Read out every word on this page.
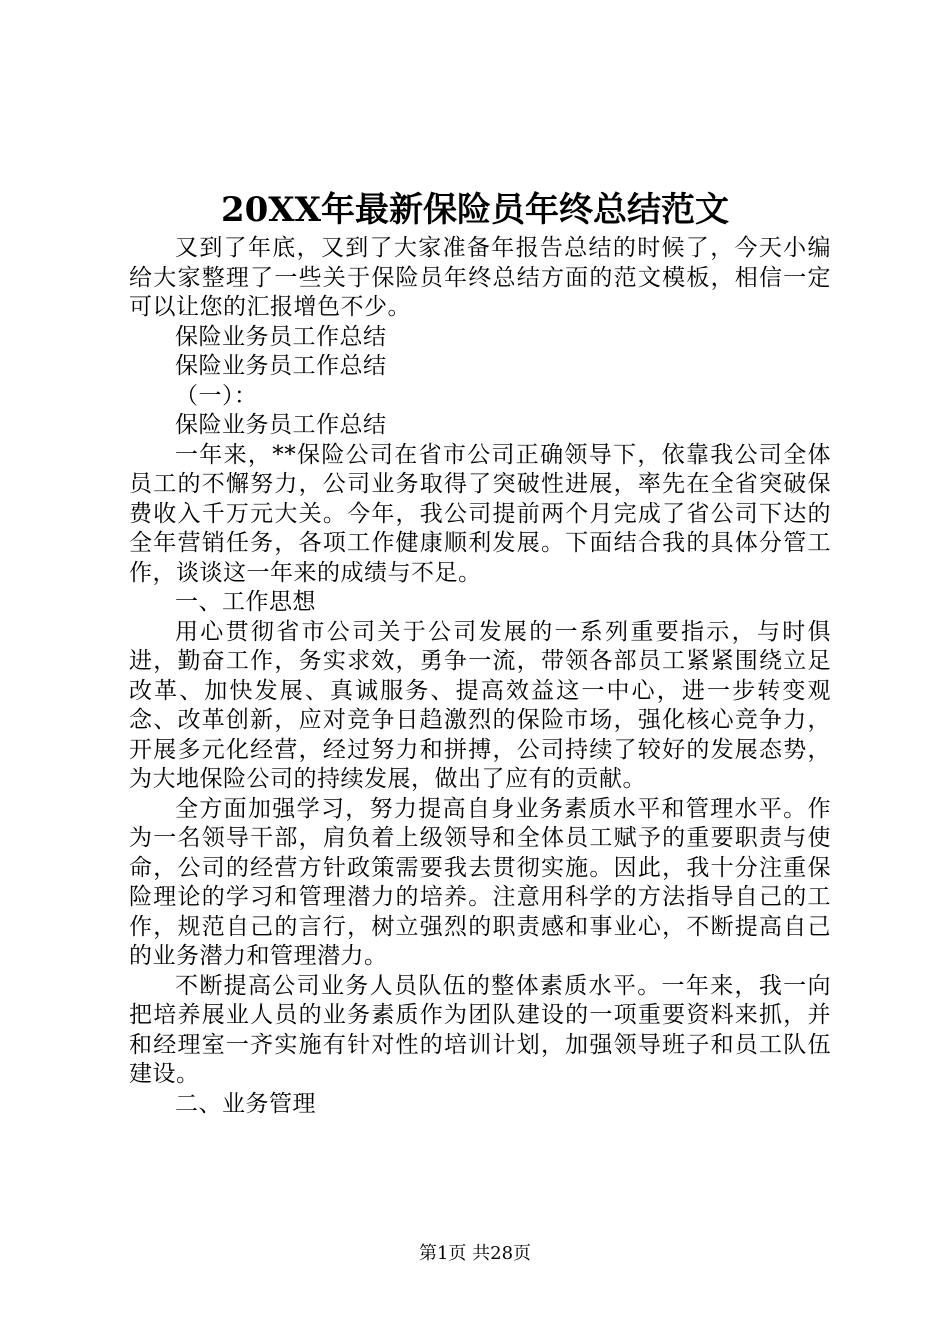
20XX年最新保险员年终总结范文

又到了年底，又到了大家准备年报告总结的时候了，今天小编给大家整理了一些关于保险员年终总结方面的范文模板，相信一定可以让您的汇报增色不少。

保险业务员工作总结

保险业务员工作总结

（一）：

保险业务员工作总结

一年来，**保险公司在省市公司正确领导下，依靠我公司全体员工的不懈努力，公司业务取得了突破性进展，率先在全省突破保费收入千万元大关。今年，我公司提前两个月完成了省公司下达的全年营销任务，各项工作健康顺利发展。下面结合我的具体分管工作，谈谈这一年来的成绩与不足。

一、工作思想

用心贯彻省市公司关于公司发展的一系列重要指示，与时俱进，勤奋工作，务实求效，勇争一流，带领各部员工紧紧围绕立足改革、加快发展、真诚服务、提高效益这一中心，进一步转变观念、改革创新，应对竞争日趋激烈的保险市场，强化核心竞争力，开展多元化经营，经过努力和拼搏，公司持续了较好的发展态势，为大地保险公司的持续发展，做出了应有的贡献。

全方面加强学习，努力提高自身业务素质水平和管理水平。作为一名领导干部，肩负着上级领导和全体员工赋予的重要职责与使命，公司的经营方针政策需要我去贯彻实施。因此，我十分注重保险理论的学习和管理潜力的培养。注意用科学的方法指导自己的工作，规范自己的言行，树立强烈的职责感和事业心，不断提高自己的业务潜力和管理潜力。

不断提高公司业务人员队伍的整体素质水平。一年来，我一向把培养展业人员的业务素质作为团队建设的一项重要资料来抓，并和经理室一齐实施有针对性的培训计划，加强领导班子和员工队伍建设。

二、业务管理

第1页 共28页
